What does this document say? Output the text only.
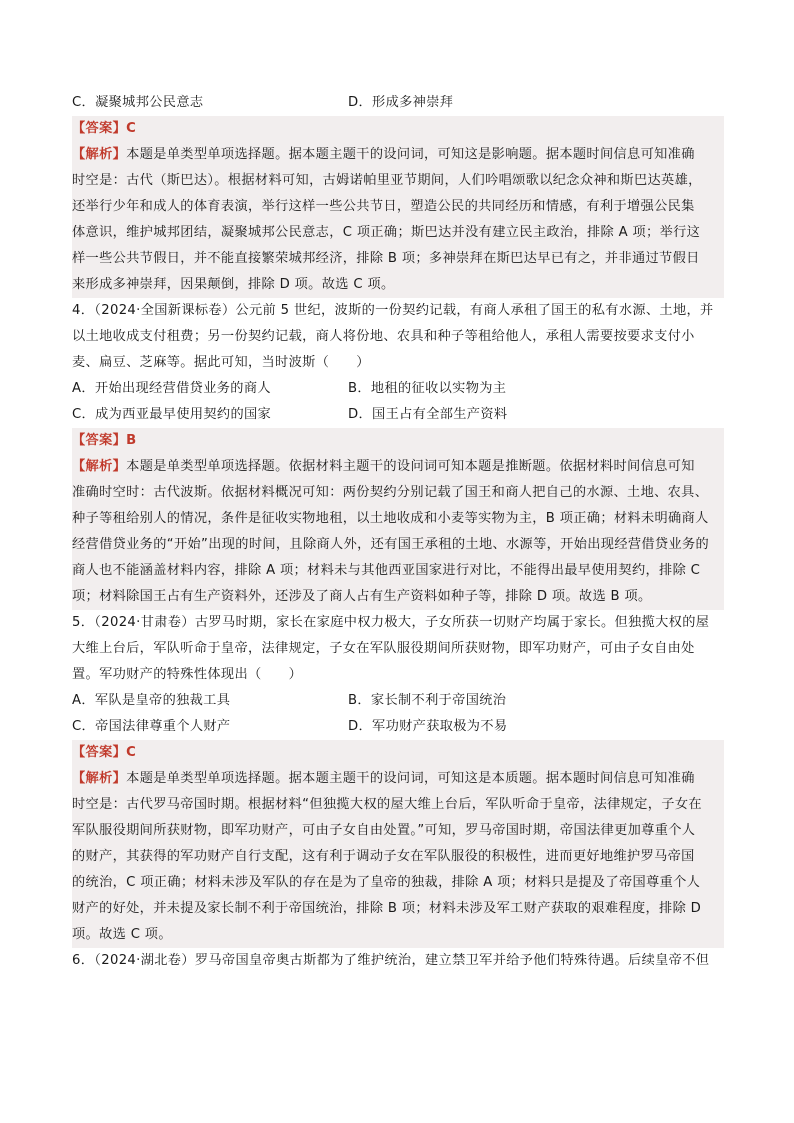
C．凝聚城邦公民意志	D．形成多神崇拜
【答案】C
【解析】本题是单类型单项选择题。据本题主题干的设问词，可知这是影响题。据本题时间信息可知准确
时空是：古代（斯巴达）。根据材料可知，古姆诺帕里亚节期间，人们吟唱颂歌以纪念众神和斯巴达英雄，
还举行少年和成人的体育表演，举行这样一些公共节日，塑造公民的共同经历和情感，有利于增强公民集
体意识，维护城邦团结，凝聚城邦公民意志，C 项正确；斯巴达并没有建立民主政治，排除 A 项；举行这
样一些公共节假日，并不能直接繁荣城邦经济，排除 B 项；多神崇拜在斯巴达早已有之，并非通过节假日
来形成多神崇拜，因果颠倒，排除 D 项。故选 C 项。
4．（2024·全国新课标卷）公元前 5 世纪，波斯的一份契约记载，有商人承租了国王的私有水源、土地，并
以土地收成支付租费；另一份契约记载，商人将份地、农具和种子等租给他人，承租人需要按要求支付小
麦、扁豆、芝麻等。据此可知，当时波斯（　　）
A．开始出现经营借贷业务的商人	B．地租的征收以实物为主
C．成为西亚最早使用契约的国家	D．国王占有全部生产资料
【答案】B
【解析】本题是单类型单项选择题。依据材料主题干的设问词可知本题是推断题。依据材料时间信息可知
准确时空时：古代波斯。依据材料概况可知：两份契约分别记载了国王和商人把自己的水源、土地、农具、
种子等租给别人的情况，条件是征收实物地租，以土地收成和小麦等实物为主，B 项正确；材料未明确商人
经营借贷业务的“开始”出现的时间，且除商人外，还有国王承租的土地、水源等，开始出现经营借贷业务的
商人也不能涵盖材料内容，排除 A 项；材料未与其他西亚国家进行对比，不能得出最早使用契约，排除 C
项；材料除国王占有生产资料外，还涉及了商人占有生产资料如种子等，排除 D 项。故选 B 项。
5．（2024·甘肃卷）古罗马时期，家长在家庭中权力极大，子女所获一切财产均属于家长。但独揽大权的屋
大维上台后，军队听命于皇帝，法律规定，子女在军队服役期间所获财物，即军功财产，可由子女自由处
置。军功财产的特殊性体现出（　　）
A．军队是皇帝的独裁工具	B．家长制不利于帝国统治
C．帝国法律尊重个人财产	D．军功财产获取极为不易
【答案】C
【解析】本题是单类型单项选择题。据本题主题干的设问词，可知这是本质题。据本题时间信息可知准确
时空是：古代罗马帝国时期。根据材料“但独揽大权的屋大维上台后，军队听命于皇帝，法律规定，子女在
军队服役期间所获财物，即军功财产，可由子女自由处置。”可知，罗马帝国时期，帝国法律更加尊重个人
的财产，其获得的军功财产自行支配，这有利于调动子女在军队服役的积极性，进而更好地维护罗马帝国
的统治，C 项正确；材料未涉及军队的存在是为了皇帝的独裁，排除 A 项；材料只是提及了帝国尊重个人
财产的好处，并未提及家长制不利于帝国统治，排除 B 项；材料未涉及军工财产获取的艰难程度，排除 D
项。故选 C 项。
6．（2024·湖北卷）罗马帝国皇帝奥古斯都为了维护统治，建立禁卫军并给予他们特殊待遇。后续皇帝不但
